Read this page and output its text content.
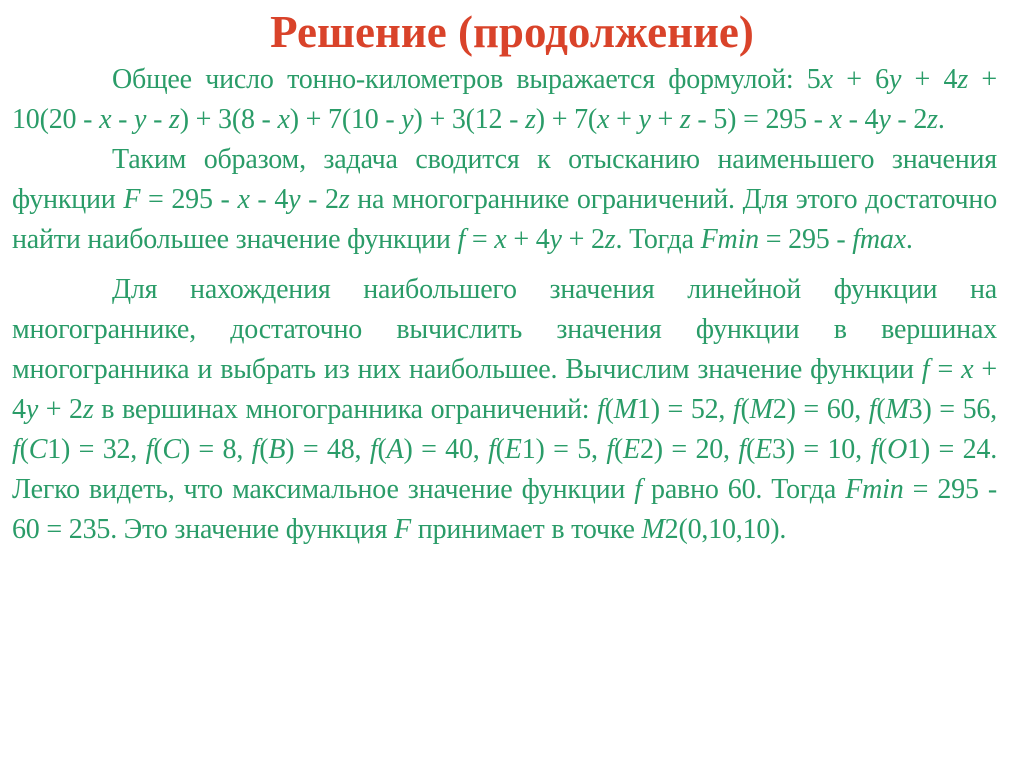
Решение (продолжение)

Общее число тонно-километров выражается формулой: 5x + 6y + 4z + 10(20 - x - y - z) + 3(8 - x) + 7(10 - y) + 3(12 - z) + 7(x + y + z - 5) = 295 - x - 4y - 2z.

Таким образом, задача сводится к отысканию наименьшего значения функции F = 295 - x - 4y - 2z на многограннике ограничений. Для этого достаточно найти наибольшее значение функции f = x + 4y + 2z. Тогда Fmin = 295 - fmax.

Для нахождения наибольшего значения линейной функции на многограннике, достаточно вычислить значения функции в вершинах многогранника и выбрать из них наибольшее. Вычислим значение функции f = x + 4y + 2z в вершинах многогранника ограничений: f(M1) = 52, f(M2) = 60, f(M3) = 56, f(C1) = 32, f(C) = 8, f(B) = 48, f(A) = 40, f(E1) = 5, f(E2) = 20, f(E3) = 10, f(O1) = 24. Легко видеть, что максимальное значение функции f равно 60. Тогда Fmin = 295 - 60 = 235. Это значение функция F принимает в точке M2(0,10,10).
